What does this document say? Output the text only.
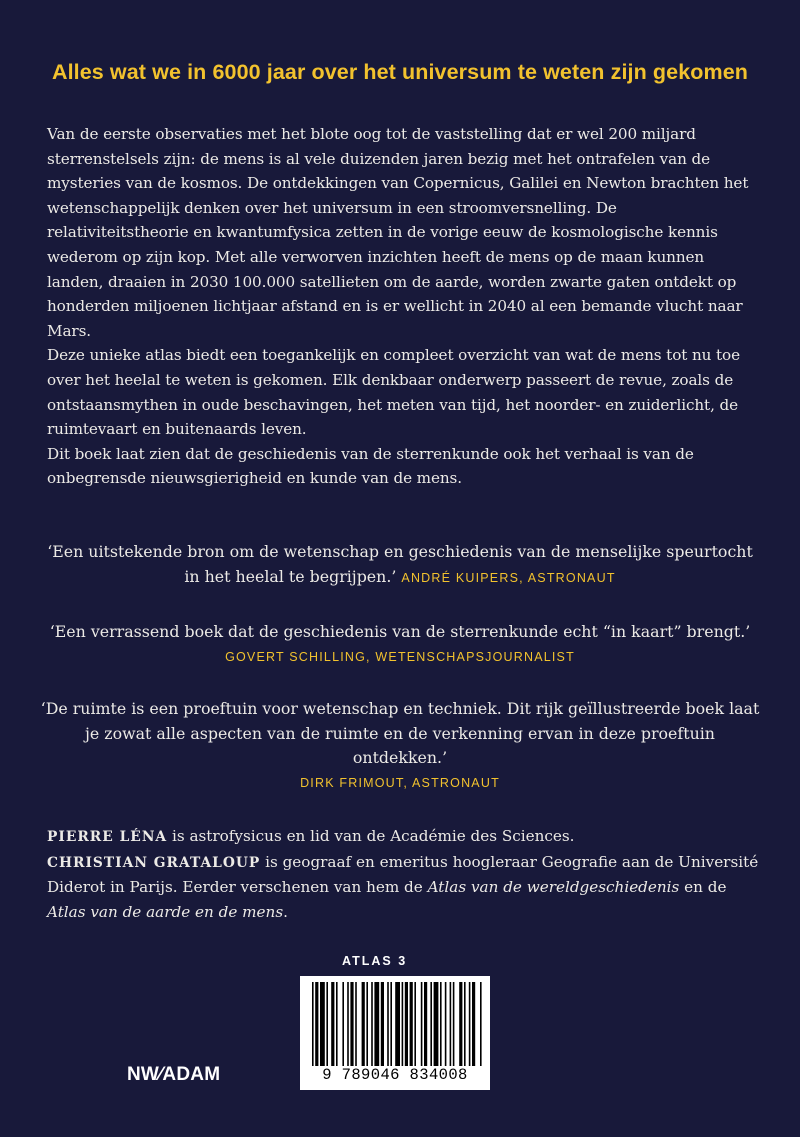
Alles wat we in 6000 jaar over het universum te weten zijn gekomen

Van de eerste observaties met het blote oog tot de vaststelling dat er wel 200 miljard sterrenstelsels zijn: de mens is al vele duizenden jaren bezig met het ontrafelen van de mysteries van de kosmos. De ontdekkingen van Copernicus, Galilei en Newton brachten het wetenschappelijk denken over het universum in een stroomversnelling. De relativiteitstheorie en kwantumfysica zetten in de vorige eeuw de kosmologische kennis wederom op zijn kop. Met alle verworven inzichten heeft de mens op de maan kunnen landen, draaien in 2030 100.000 satellieten om de aarde, worden zwarte gaten ontdekt op honderden miljoenen lichtjaar afstand en is er wellicht in 2040 al een bemande vlucht naar Mars.

Deze unieke atlas biedt een toegankelijk en compleet overzicht van wat de mens tot nu toe over het heelal te weten is gekomen. Elk denkbaar onderwerp passeert de revue, zoals de ontstaansmythen in oude beschavingen, het meten van tijd, het noorder- en zuiderlicht, de ruimtevaart en buitenaards leven.

Dit boek laat zien dat de geschiedenis van de sterrenkunde ook het verhaal is van de onbegrensde nieuwsgierigheid en kunde van de mens.

‘Een uitstekende bron om de wetenschap en geschiedenis van de menselijke speurtocht in het heelal te begrijpen.’ ANDRÉ KUIPERS, ASTRONAUT
‘Een verrassend boek dat de geschiedenis van de sterrenkunde echt “in kaart” brengt.’
GOVERT SCHILLING, WETENSCHAPSJOURNALIST
‘De ruimte is een proeftuin voor wetenschap en techniek. Dit rijk geïllustreerde boek laat je zowat alle aspecten van de ruimte en de verkenning ervan in deze proeftuin ontdekken.’
DIRK FRIMOUT, ASTRONAUT

PIERRE LÉNA is astrofysicus en lid van de Académie des Sciences.

CHRISTIAN GRATALOUP is geograaf en emeritus hoogleraar Geografie aan de Université Diderot in Parijs. Eerder verschenen van hem de Atlas van de wereldgeschiedenis en de Atlas van de aarde en de mens.

ATLAS 3
9 789046 834008
NW⁄ADAM
